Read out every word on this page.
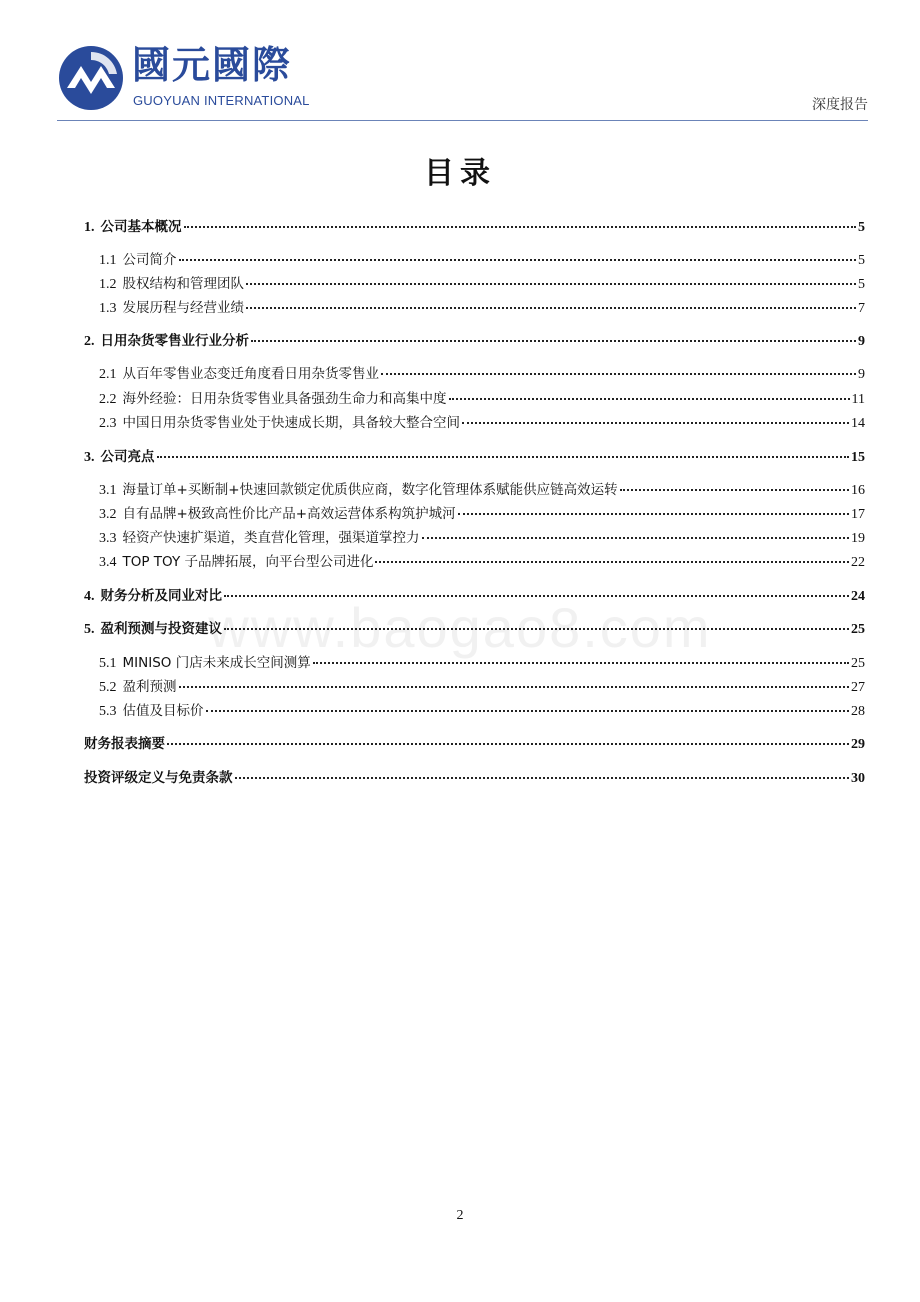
國元國際
GUOYUAN INTERNATIONAL	深度报告
目录
www.baogao8.com
1. 公司基本概况	5
1.1 公司简介	5
1.2 股权结构和管理团队	5
1.3 发展历程与经营业绩	7
2. 日用杂货零售业行业分析	9
2.1 从百年零售业态变迁角度看日用杂货零售业	9
2.2 海外经验：日用杂货零售业具备强劲生命力和高集中度	11
2.3 中国日用杂货零售业处于快速成长期，具备较大整合空间	14
3. 公司亮点	15
3.1 海量订单+买断制+快速回款锁定优质供应商，数字化管理体系赋能供应链高效运转	16
3.2 自有品牌+极致高性价比产品+高效运营体系构筑护城河	17
3.3 轻资产快速扩渠道，类直营化管理，强渠道掌控力	19
3.4 TOP TOY 子品牌拓展，向平台型公司进化	22
4. 财务分析及同业对比	24
5. 盈利预测与投资建议	25
5.1 MINISO 门店未来成长空间测算	25
5.2 盈利预测	27
5.3 估值及目标价	28
财务报表摘要	29
投资评级定义与免责条款	30
2
